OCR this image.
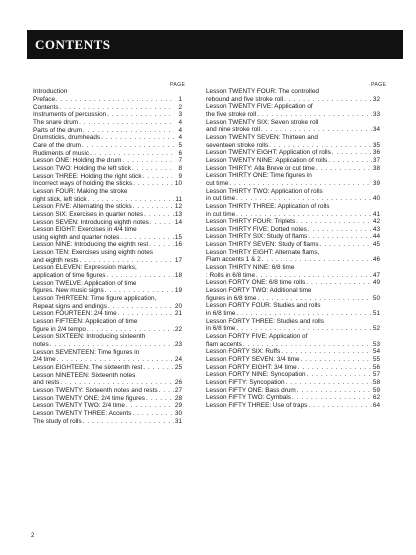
CONTENTS
PAGE	PAGE
Introduction
Preface . . .	1
Contents . . .	2
Instruments of percussion . . .	3
The snare drum . . .	4
Parts of the drum . . .	4
Drumsticks, drumheads . . .	4
Care of the drum . . .	5
Rudiments of music . . .	6
Lesson ONE: Holding the drum . . .	7
Lesson TWO: Holding the left stick . . .	8
Lesson THREE: Holding the right stick . . .	9
Incorrect ways of holding the sticks . . .	10
Lesson FOUR: Making the stroke
right stick, left stick . . .	11
Lesson FIVE: Alternating the sticks . . .	12
Lesson SIX: Exercises in quarter notes . . .	13
Lesson SEVEN: Introducing eighth notes . . .	14
Lesson EIGHT: Exercises in 4/4 time
using eighth and quarter notes . . .	15
Lesson NINE: Introducing the eighth rest . . .	16
Lesson TEN: Exercises using eighth notes
and eighth rests . . .	17
Lesson ELEVEN: Expression marks,
application of time figures . . .	18
Lesson TWELVE: Application of time
figures. New music signs . . .	19
Lesson THIRTEEN: Time figure application,
Repeat signs and endings . . .	20
Lesson FOURTEEN: 2/4 time . . .	21
Lesson FIFTEEN: Application of time
figure in 2/4 tempo . . .	22
Lesson SIXTEEN: Introducing sixteenth
notes . . .	23
Lesson SEVENTEEN: Time figures in
2/4 time . . .	24
Lesson EIGHTEEN: The sixteenth rest . . .	25
Lesson NINETEEN: Sixteenth notes
and rests . . .	26
Lesson TWENTY: Sixteenth notes and rests . . .	27
Lesson TWENTY ONE: 2/4 time figures . . .	28
Lesson TWENTY TWO: 2/4 time . . .	29
Lesson TWENTY THREE: Accents . . .	30
The study of rolls . . .	31
Lesson TWENTY FOUR: The controlled
rebound and five stroke roll . . .	32
Lesson TWENTY FIVE: Application of
the five stroke roll . . .	33
Lesson TWENTY SIX: Seven stroke roll
and nine stroke roll . . .	34
Lesson TWENTY SEVEN: Thirteen and
seventeen stroke rolls . . .	35
Lesson TWENTY EIGHT: Application of rolls . . .	36
Lesson TWENTY NINE: Application of rolls . . .	37
Lesson THIRTY: Alla Breve or cut time . . .	38
Lesson THIRTY ONE: Time figures in
cut time . . .	39
Lesson THIRTY TWO: Application of rolls
in cut time . . .	40
Lesson THIRTY THREE: Application of rolls
in cut time . . .	41
Lesson THIRTY FOUR: Triplets . . .	42
Lesson THIRTY FIVE: Dotted notes . . .	43
Lesson THIRTY SIX: Study of flams . . .	44
Lesson THIRTY SEVEN: Study of flams . . .	45
Lesson THIRTY EIGHT: Alternate flams,
Flam accents 1 & 2 . . .	46
Lesson THIRTY NINE: 6/8 time
: Rolls in 6/8 time . . .	47
Lesson FORTY ONE: 6/8 time rolls . . .	49
Lesson FORTY TWO: Additional time
figures in 6/8 time . . .	50
Lesson FORTY FOUR: Studies and rolls
in 6/8 time . . .	51
Lesson FORTY THREE: Studies and rolls
in 6/8 time . . .	52
Lesson FORTY FIVE: Application of
flam accents . . .	53
Lesson FORTY SIX: Ruffs . . .	54
Lesson FORTY SEVEN: 3/4 time . . .	55
Lesson FORTY EIGHT: 3/4 time . . .	56
Lesson FORTY NINE: Syncopation . . .	57
Lesson FIFTY: Syncopation . . .	58
Lesson FIFTY ONE: Bass drum . . .	59
Lesson FIFTY TWO: Cymbals . . .	62
Lesson FIFTY THREE: Use of traps . . .	64
2
